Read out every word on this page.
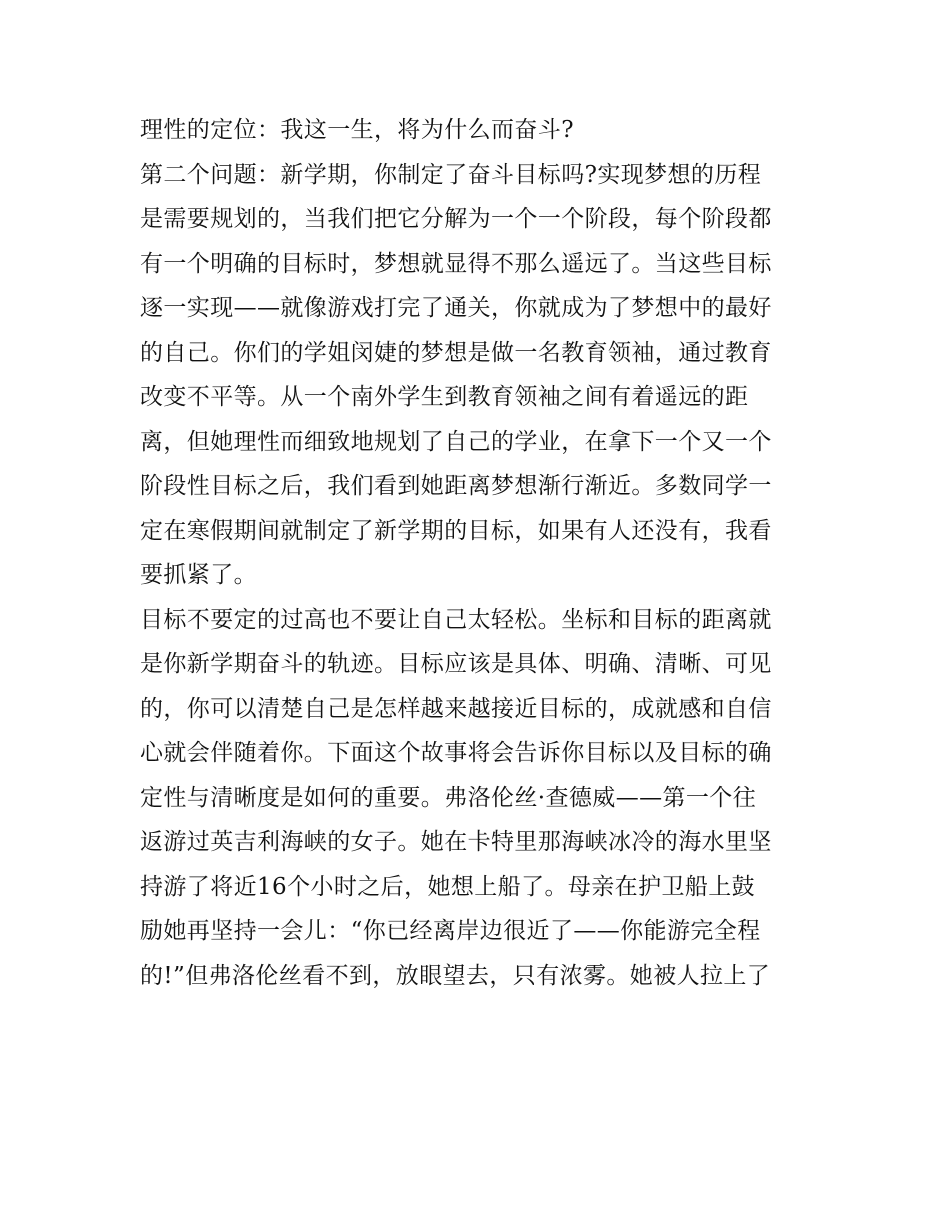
理性的定位：我这一生，将为什么而奋斗?
第二个问题：新学期，你制定了奋斗目标吗?实现梦想的历程
是需要规划的，当我们把它分解为一个一个阶段，每个阶段都
有一个明确的目标时，梦想就显得不那么遥远了。当这些目标
逐一实现——就像游戏打完了通关，你就成为了梦想中的最好
的自己。你们的学姐闵婕的梦想是做一名教育领袖，通过教育
改变不平等。从一个南外学生到教育领袖之间有着遥远的距
离，但她理性而细致地规划了自己的学业，在拿下一个又一个
阶段性目标之后，我们看到她距离梦想渐行渐近。多数同学一
定在寒假期间就制定了新学期的目标，如果有人还没有，我看
要抓紧了。
目标不要定的过高也不要让自己太轻松。坐标和目标的距离就
是你新学期奋斗的轨迹。目标应该是具体、明确、清晰、可见
的，你可以清楚自己是怎样越来越接近目标的，成就感和自信
心就会伴随着你。下面这个故事将会告诉你目标以及目标的确
定性与清晰度是如何的重要。弗洛伦丝·查德威——第一个往
返游过英吉利海峡的女子。她在卡特里那海峡冰冷的海水里坚
持游了将近16个小时之后，她想上船了。母亲在护卫船上鼓
励她再坚持一会儿：“你已经离岸边很近了——你能游完全程
的!”但弗洛伦丝看不到，放眼望去，只有浓雾。她被人拉上了
